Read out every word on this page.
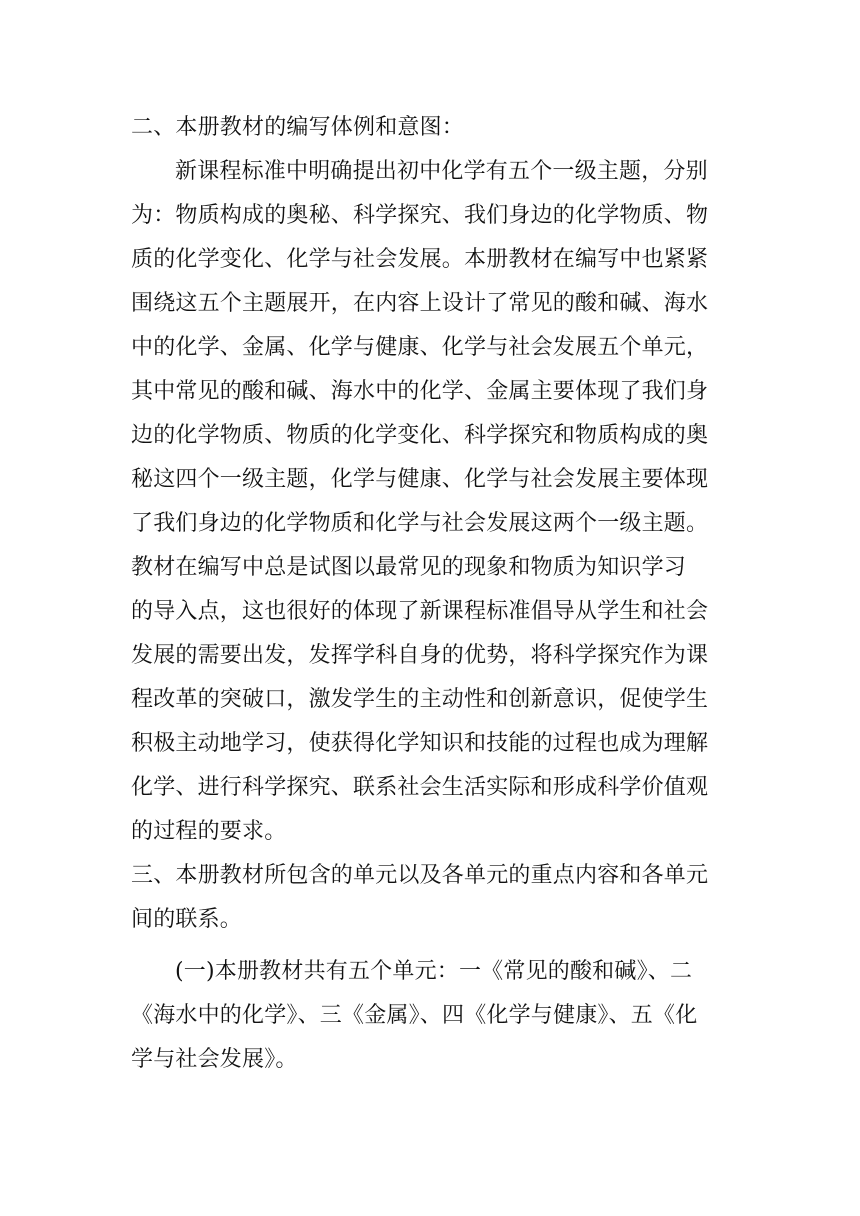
二、本册教材的编写体例和意图：
新课程标准中明确提出初中化学有五个一级主题，分别
为：物质构成的奥秘、科学探究、我们身边的化学物质、物
质的化学变化、化学与社会发展。本册教材在编写中也紧紧
围绕这五个主题展开，在内容上设计了常见的酸和碱、海水
中的化学、金属、化学与健康、化学与社会发展五个单元，
其中常见的酸和碱、海水中的化学、金属主要体现了我们身
边的化学物质、物质的化学变化、科学探究和物质构成的奥
秘这四个一级主题，化学与健康、化学与社会发展主要体现
了我们身边的化学物质和化学与社会发展这两个一级主题。
教材在编写中总是试图以最常见的现象和物质为知识学习
的导入点，这也很好的体现了新课程标准倡导从学生和社会
发展的需要出发，发挥学科自身的优势，将科学探究作为课
程改革的突破口，激发学生的主动性和创新意识，促使学生
积极主动地学习，使获得化学知识和技能的过程也成为理解
化学、进行科学探究、联系社会生活实际和形成科学价值观
的过程的要求。
三、本册教材所包含的单元以及各单元的重点内容和各单元
间的联系。
(一)本册教材共有五个单元：一《常见的酸和碱》、二
《海水中的化学》、三《金属》、四《化学与健康》、五《化
学与社会发展》。
